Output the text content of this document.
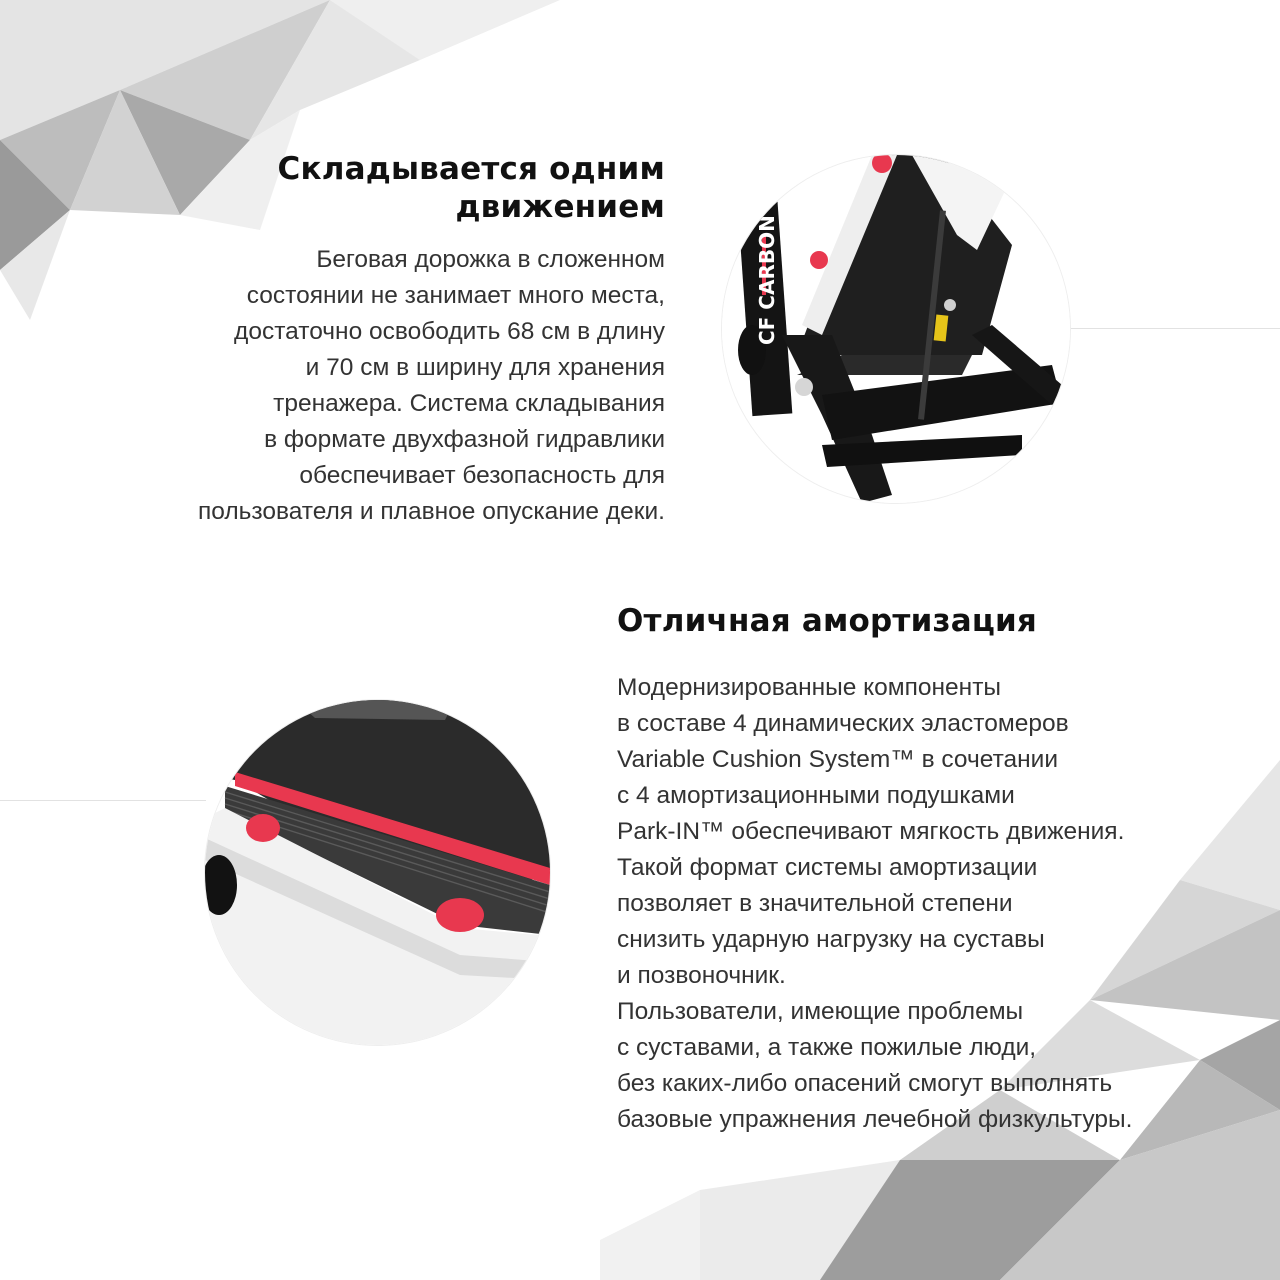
Складывается одним
движением

Беговая дорожка в сложенном
состоянии не занимает много места,
достаточно освободить 68 см в длину
и 70 см в ширину для хранения
тренажера. Система складывания
в формате двухфазной гидравлики
обеспечивает безопасность для
пользователя и плавное опускание деки.

CF CARBON
Отличная амортизация

Модернизированные компоненты
в составе 4 динамических эластомеров
Variable Cushion System™ в сочетании
с 4 амортизационными подушками
Park-IN™ обеспечивают мягкость движения.
Такой формат системы амортизации
позволяет в значительной степени
снизить ударную нагрузку на суставы
и позвоночник.
Пользователи, имеющие проблемы
с суставами, а также пожилые люди,
без каких-либо опасений смогут выполнять
базовые упражнения лечебной физкультуры.
